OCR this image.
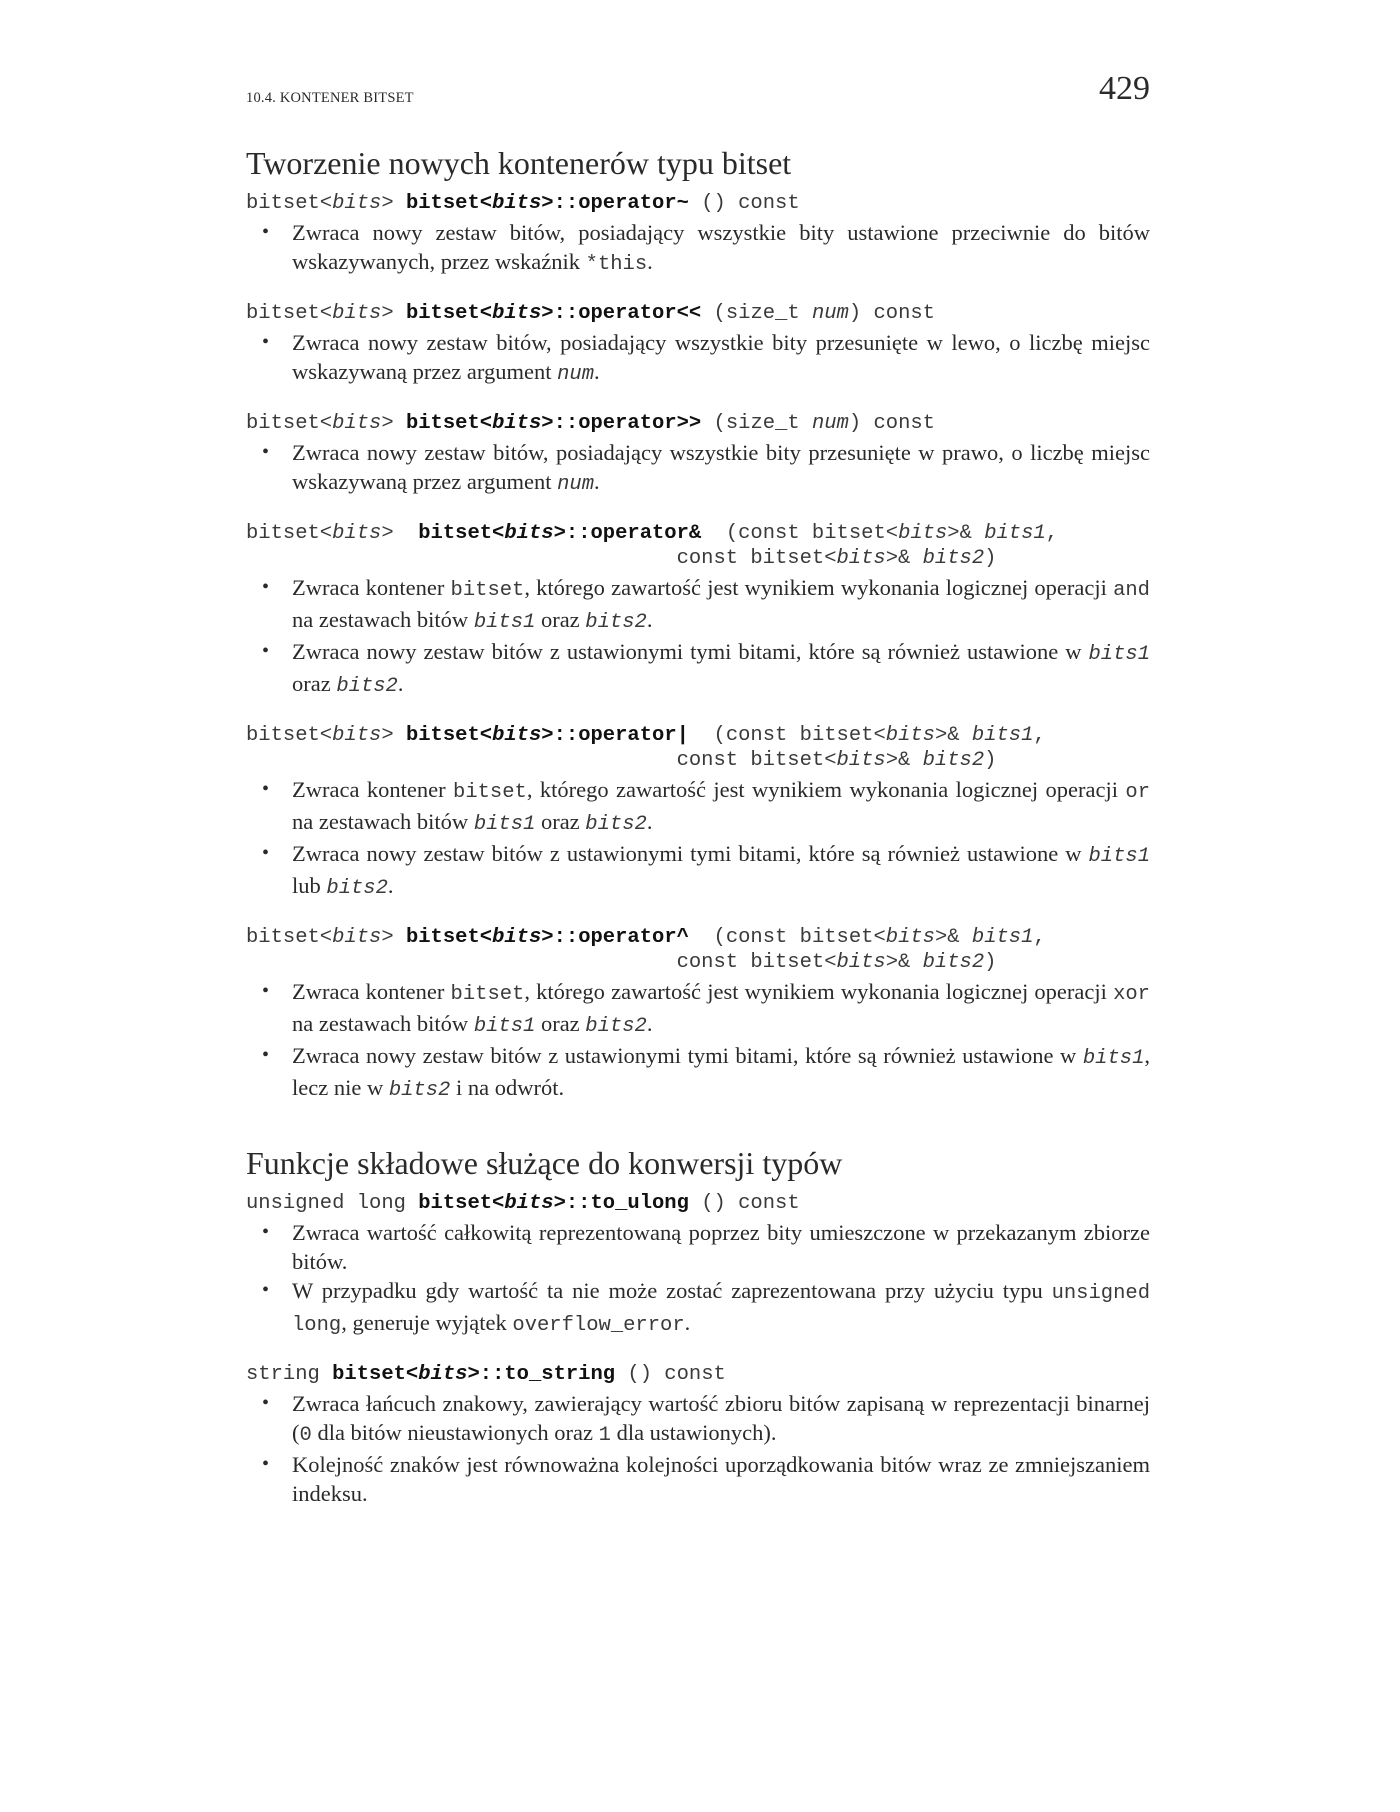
10.4. KONTENER BITSET	429
Tworzenie nowych kontenerów typu bitset
bitset<bits> bitset<bits>::operator~ () const
• Zwraca nowy zestaw bitów, posiadający wszystkie bity ustawione przeciwnie do bitów wskazywanych, przez wskaźnik *this.
bitset<bits> bitset<bits>::operator<< (size_t num) const
• Zwraca nowy zestaw bitów, posiadający wszystkie bity przesunięte w lewo, o liczbę miejsc wskazywaną przez argument num.
bitset<bits> bitset<bits>::operator>> (size_t num) const
• Zwraca nowy zestaw bitów, posiadający wszystkie bity przesunięte w prawo, o liczbę miejsc wskazywaną przez argument num.
bitset<bits>  bitset<bits>::operator&  (const bitset<bits>& bits1,
const bitset<bits>& bits2)
• Zwraca kontener bitset, którego zawartość jest wynikiem wykonania logicznej operacji and na zestawach bitów bits1 oraz bits2.
• Zwraca nowy zestaw bitów z ustawionymi tymi bitami, które są również ustawione w bits1 oraz bits2.
bitset<bits> bitset<bits>::operator|  (const bitset<bits>& bits1,
const bitset<bits>& bits2)
• Zwraca kontener bitset, którego zawartość jest wynikiem wykonania logicznej operacji or na zestawach bitów bits1 oraz bits2.
• Zwraca nowy zestaw bitów z ustawionymi tymi bitami, które są również ustawione w bits1 lub bits2.
bitset<bits> bitset<bits>::operator^  (const bitset<bits>& bits1,
const bitset<bits>& bits2)
• Zwraca kontener bitset, którego zawartość jest wynikiem wykonania logicznej operacji xor na zestawach bitów bits1 oraz bits2.
• Zwraca nowy zestaw bitów z ustawionymi tymi bitami, które są również ustawione w bits1, lecz nie w bits2 i na odwrót.
Funkcje składowe służące do konwersji typów
unsigned long bitset<bits>::to_ulong () const
• Zwraca wartość całkowitą reprezentowaną poprzez bity umieszczone w przekazanym zbiorze bitów.
• W przypadku gdy wartość ta nie może zostać zaprezentowana przy użyciu typu unsigned long, generuje wyjątek overflow_error.
string bitset<bits>::to_string () const
• Zwraca łańcuch znakowy, zawierający wartość zbioru bitów zapisaną w reprezentacji binarnej (0 dla bitów nieustawionych oraz 1 dla ustawionych).
• Kolejność znaków jest równoważna kolejności uporządkowania bitów wraz ze zmniejszaniem indeksu.
